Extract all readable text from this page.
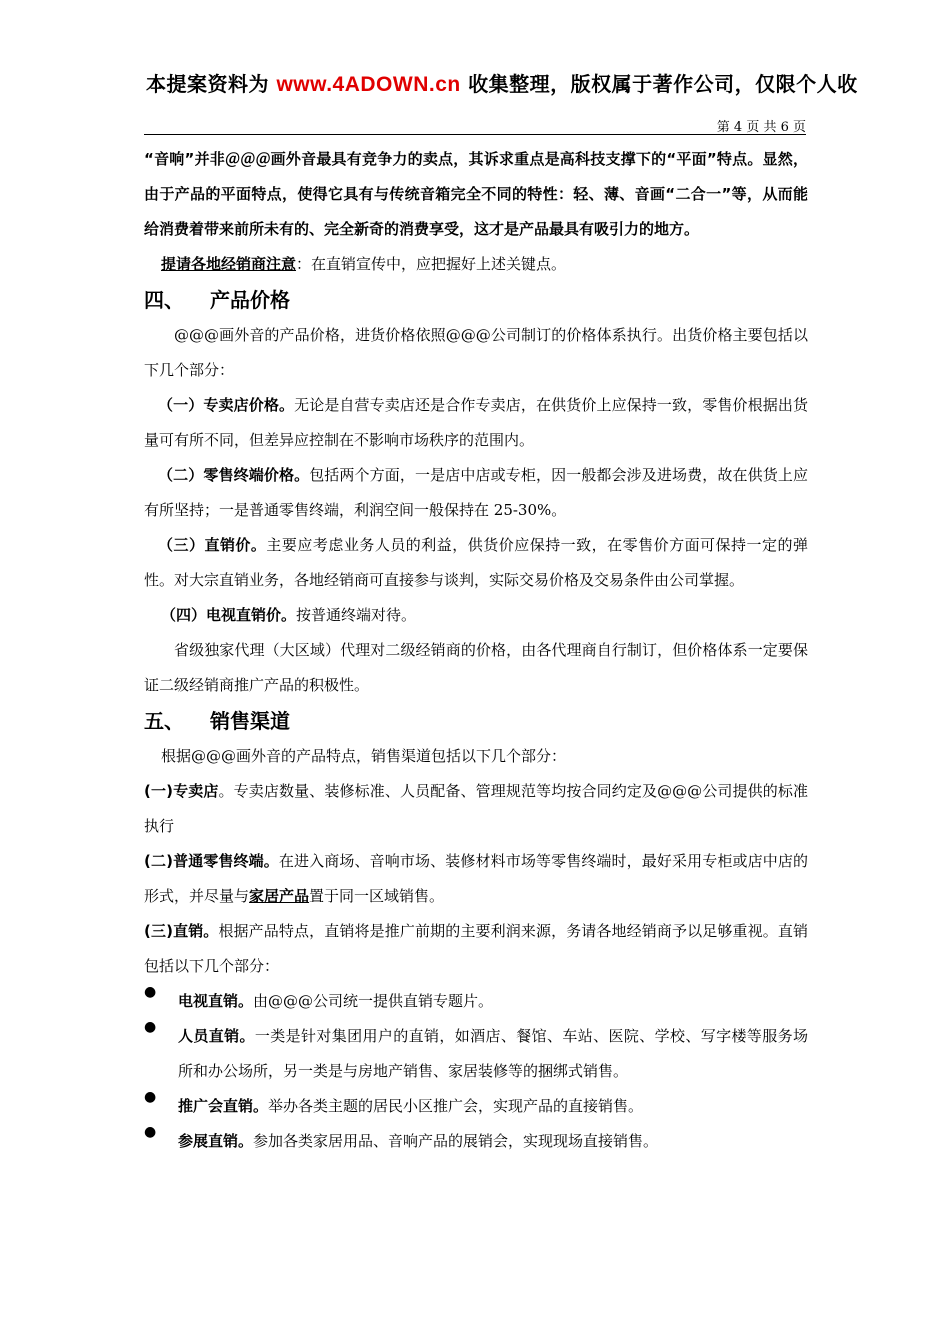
本提案资料为 www.4ADOWN.cn 收集整理，版权属于著作公司，仅限个人收
第 4 页 共 6 页

“音响”并非＠＠＠画外音最具有竞争力的卖点，其诉求重点是高科技支撑下的“平面”特点。显然，由于产品的平面特点，使得它具有与传统音箱完全不同的特性：轻、薄、音画“二合一”等，从而能给消费着带来前所未有的、完全新奇的消费享受，这才是产品最具有吸引力的地方。

提请各地经销商注意：在直销宣传中，应把握好上述关键点。

四、 产品价格

@@@画外音的产品价格，进货价格依照@@@公司制订的价格体系执行。出货价格主要包括以下几个部分：

（一）专卖店价格。无论是自营专卖店还是合作专卖店，在供货价上应保持一致，零售价根据出货量可有所不同，但差异应控制在不影响市场秩序的范围内。

（二）零售终端价格。包括两个方面，一是店中店或专柜，因一般都会涉及进场费，故在供货上应有所坚持；一是普通零售终端，利润空间一般保持在 25-30%。

（三）直销价。主要应考虑业务人员的利益，供货价应保持一致，在零售价方面可保持一定的弹性。对大宗直销业务，各地经销商可直接参与谈判，实际交易价格及交易条件由公司掌握。

（四）电视直销价。按普通终端对待。

省级独家代理（大区域）代理对二级经销商的价格，由各代理商自行制订，但价格体系一定要保证二级经销商推广产品的积极性。

五、 销售渠道

根据@@@画外音的产品特点，销售渠道包括以下几个部分：

(一)专卖店。专卖店数量、装修标准、人员配备、管理规范等均按合同约定及@@@公司提供的标准执行

(二)普通零售终端。在进入商场、音响市场、装修材料市场等零售终端时，最好采用专柜或店中店的形式，并尽量与家居产品置于同一区域销售。

(三)直销。根据产品特点，直销将是推广前期的主要利润来源，务请各地经销商予以足够重视。直销包括以下几个部分：

●	电视直销。由@@@公司统一提供直销专题片。

●	人员直销。一类是针对集团用户的直销，如酒店、餐馆、车站、医院、学校、写字楼等服务场所和办公场所，另一类是与房地产销售、家居装修等的捆绑式销售。

●	推广会直销。举办各类主题的居民小区推广会，实现产品的直接销售。

●	参展直销。参加各类家居用品、音响产品的展销会，实现现场直接销售。
